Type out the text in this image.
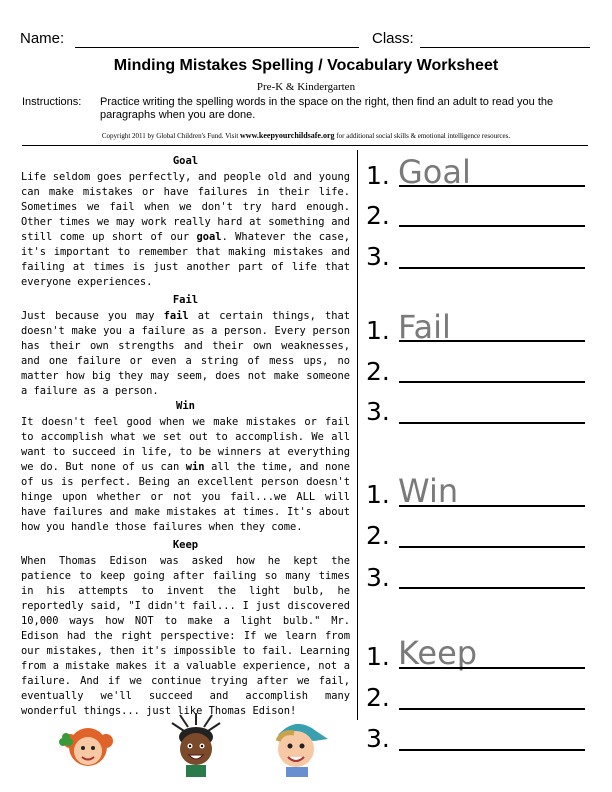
Name:	Class:
Minding Mistakes Spelling / Vocabulary Worksheet
Pre-K & Kindergarten
Instructions: Practice writing the spelling words in the space on the right, then find an adult to read you the paragraphs when you are done.
Copyright 2011 by Global Children's Fund. Visit www.keepyourchildsafe.org for additional social skills & emotional intelligence resources.
Goal
Life seldom goes perfectly, and people old and young can make mistakes or have failures in their life. Sometimes we fail when we don't try hard enough. Other times we may work really hard at something and still come up short of our goal. Whatever the case, it's important to remember that making mistakes and failing at times is just another part of life that everyone experiences.
Fail
Just because you may fail at certain things, that doesn't make you a failure as a person. Every person has their own strengths and their own weaknesses, and one failure or even a string of mess ups, no matter how big they may seem, does not make someone a failure as a person.
Win
It doesn't feel good when we make mistakes or fail to accomplish what we set out to accomplish. We all want to succeed in life, to be winners at everything we do. But none of us can win all the time, and none of us is perfect. Being an excellent person doesn't hinge upon whether or not you fail...we ALL will have failures and make mistakes at times. It's about how you handle those failures when they come.
Keep
When Thomas Edison was asked how he kept the patience to keep going after failing so many times in his attempts to invent the light bulb, he reportedly said, "I didn't fail... I just discovered 10,000 ways how NOT to make a light bulb." Mr. Edison had the right perspective: If we learn from our mistakes, then it's impossible to fail. Learning from a mistake makes it a valuable experience, not a failure. And if we continue trying after we fail, eventually we'll succeed and accomplish many wonderful things... just like Thomas Edison!
Goal
1.
2.
3.
Fail
1.
2.
3.
Win
1.
2.
3.
Keep
1.
2.
3.
